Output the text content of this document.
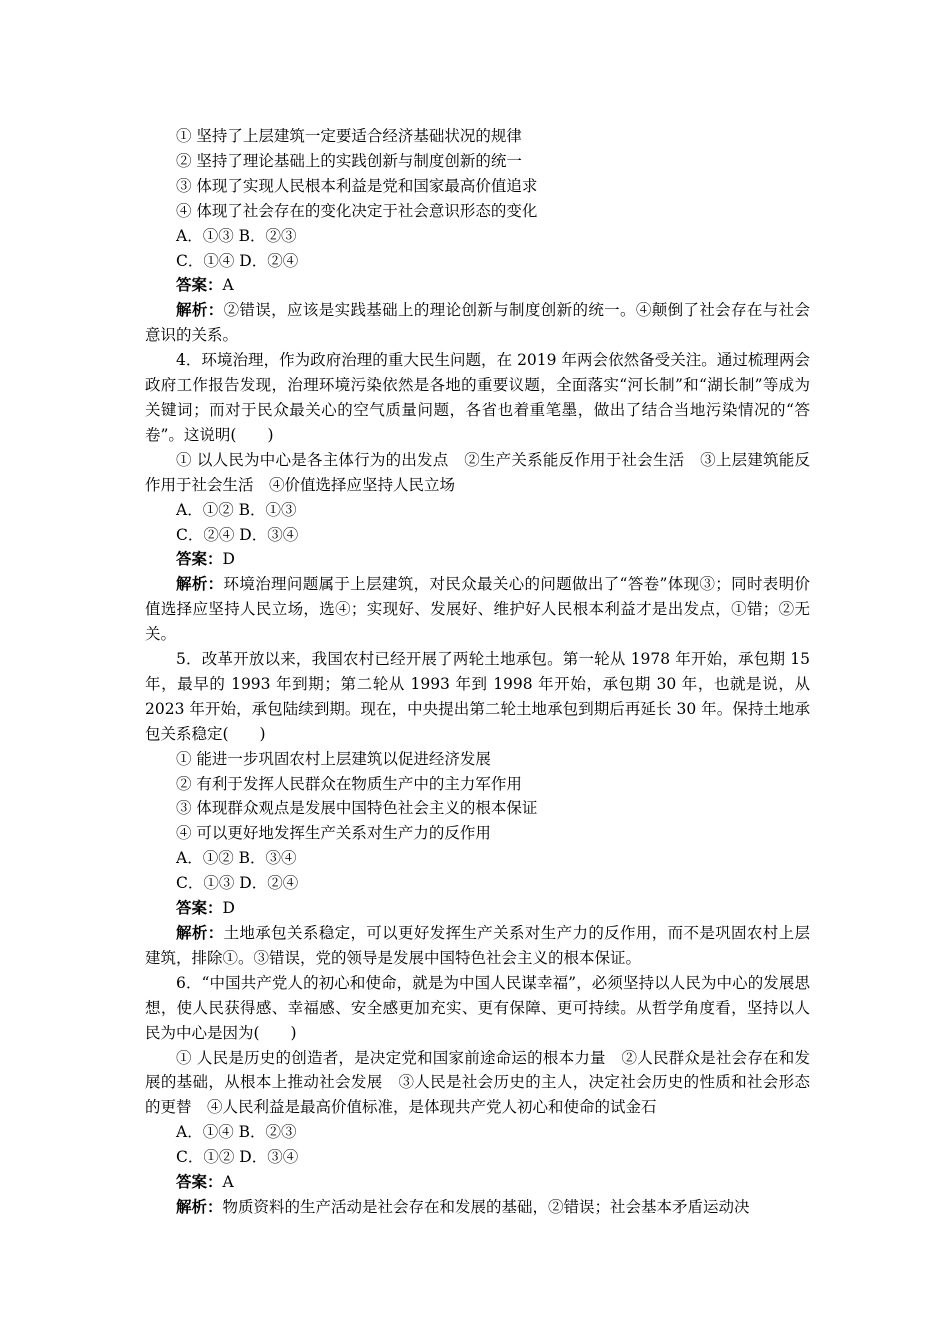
① 坚持了上层建筑一定要适合经济基础状况的规律

② 坚持了理论基础上的实践创新与制度创新的统一

③ 体现了实现人民根本利益是党和国家最高价值追求

④ 体现了社会存在的变化决定于社会意识形态的变化

A．①③ B．②③

C．①④ D．②④

答案：A

解析：②错误，应该是实践基础上的理论创新与制度创新的统一。④颠倒了社会存在与社会意识的关系。

4．环境治理，作为政府治理的重大民生问题，在 2019 年两会依然备受关注。通过梳理两会政府工作报告发现，治理环境污染依然是各地的重要议题，全面落实“河长制”和“湖长制”等成为关键词；而对于民众最关心的空气质量问题，各省也着重笔墨，做出了结合当地污染情况的“答卷”。这说明(　　)

① 以人民为中心是各主体行为的出发点　②生产关系能反作用于社会生活　③上层建筑能反作用于社会生活　④价值选择应坚持人民立场

A．①② B．①③

C．②④ D．③④

答案：D

解析：环境治理问题属于上层建筑，对民众最关心的问题做出了“答卷”体现③；同时表明价值选择应坚持人民立场，选④；实现好、发展好、维护好人民根本利益才是出发点，①错；②无关。

5．改革开放以来，我国农村已经开展了两轮土地承包。第一轮从 1978 年开始，承包期 15 年，最早的 1993 年到期；第二轮从 1993 年到 1998 年开始，承包期 30 年，也就是说，从 2023 年开始，承包陆续到期。现在，中央提出第二轮土地承包到期后再延长 30 年。保持土地承包关系稳定(　　)

① 能进一步巩固农村上层建筑以促进经济发展

② 有利于发挥人民群众在物质生产中的主力军作用

③ 体现群众观点是发展中国特色社会主义的根本保证

④ 可以更好地发挥生产关系对生产力的反作用

A．①② B．③④

C．①③ D．②④

答案：D

解析：土地承包关系稳定，可以更好发挥生产关系对生产力的反作用，而不是巩固农村上层建筑，排除①。③错误，党的领导是发展中国特色社会主义的根本保证。

6．“中国共产党人的初心和使命，就是为中国人民谋幸福”，必须坚持以人民为中心的发展思想，使人民获得感、幸福感、安全感更加充实、更有保障、更可持续。从哲学角度看，坚持以人民为中心是因为(　　)

① 人民是历史的创造者，是决定党和国家前途命运的根本力量　②人民群众是社会存在和发展的基础，从根本上推动社会发展　③人民是社会历史的主人，决定社会历史的性质和社会形态的更替　④人民利益是最高价值标准，是体现共产党人初心和使命的试金石

A．①④ B．②③

C．①② D．③④

答案：A

解析：物质资料的生产活动是社会存在和发展的基础，②错误；社会基本矛盾运动决
